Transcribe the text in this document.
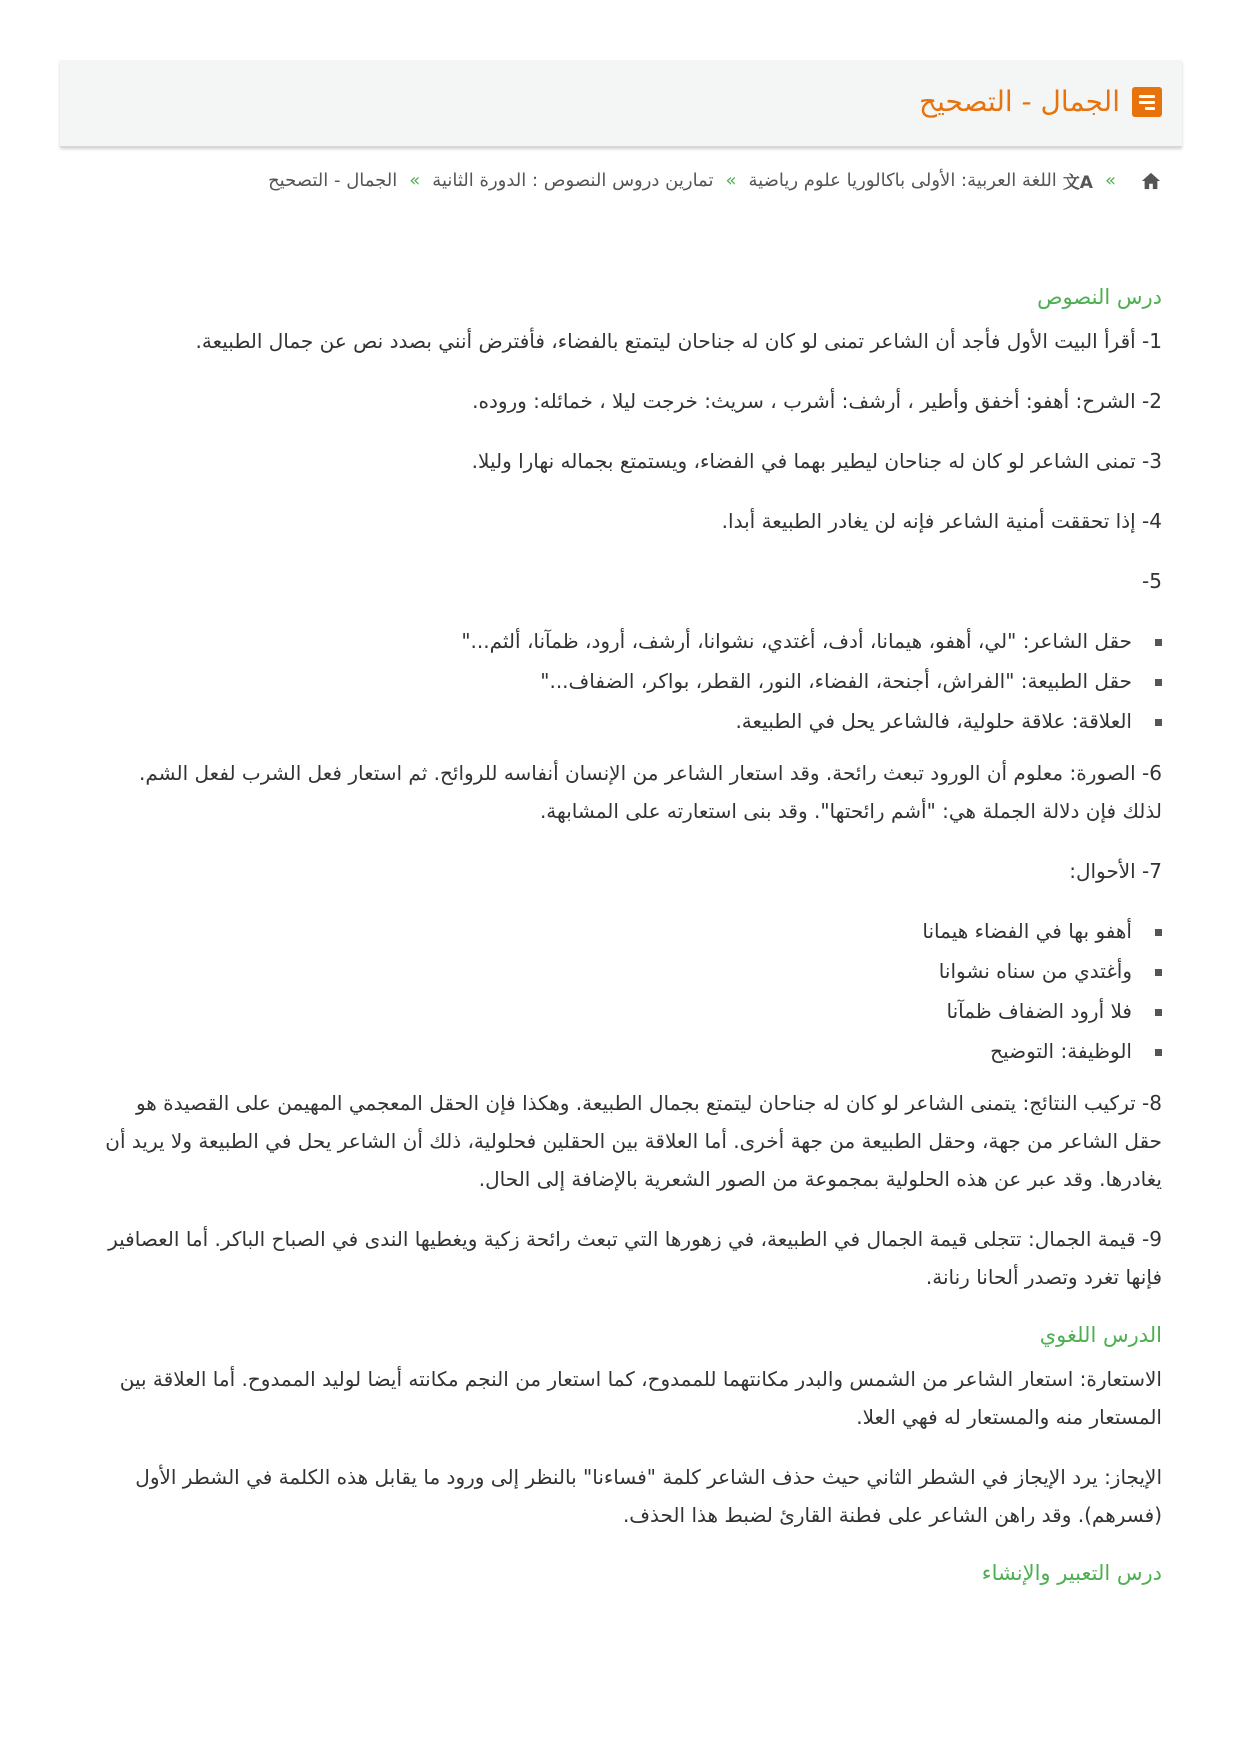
الجمال - التصحيح
»
文A
اللغة العربية: الأولى باكالوريا علوم رياضية
»
تمارين دروس النصوص : الدورة الثانية
»
الجمال - التصحيح
درس النصوص

1- أقرأ البيت الأول فأجد أن الشاعر تمنى لو كان له جناحان ليتمتع بالفضاء، فأفترض أنني بصدد نص عن جمال الطبيعة.

2- الشرح: أهفو: أخفق وأطير ، أرشف: أشرب ، سريث: خرجت ليلا ، خمائله: وروده.

3- تمنى الشاعر لو كان له جناحان ليطير بهما في الفضاء، ويستمتع بجماله نهارا وليلا.

4- إذا تحققت أمنية الشاعر فإنه لن يغادر الطبيعة أبدا.

5-

حقل الشاعر: "لي، أهفو، هيمانا، أدف، أغتدي، نشوانا، أرشف، أرود، ظمآنا، ألثم..."
حقل الطبيعة: "الفراش، أجنحة، الفضاء، النور، القطر، بواكر، الضفاف..."
العلاقة: علاقة حلولية، فالشاعر يحل في الطبيعة.

6- الصورة: معلوم أن الورود تبعث رائحة. وقد استعار الشاعر من الإنسان أنفاسه للروائح. ثم استعار فعل الشرب لفعل الشم. لذلك فإن دلالة الجملة هي: "أشم رائحتها". وقد بنى استعارته على المشابهة.

7- الأحوال:

أهفو بها في الفضاء هيمانا
وأغتدي من سناه نشوانا
فلا أرود الضفاف ظمآنا
الوظيفة: التوضيح

8- تركيب النتائج: يتمنى الشاعر لو كان له جناحان ليتمتع بجمال الطبيعة. وهكذا فإن الحقل المعجمي المهيمن على القصيدة هو حقل الشاعر من جهة، وحقل الطبيعة من جهة أخرى. أما العلاقة بين الحقلين فحلولية، ذلك أن الشاعر يحل في الطبيعة ولا يريد أن يغادرها. وقد عبر عن هذه الحلولية بمجموعة من الصور الشعرية بالإضافة إلى الحال.

9- قيمة الجمال: تتجلى قيمة الجمال في الطبيعة، في زهورها التي تبعث رائحة زكية ويغطيها الندى في الصباح الباكر. أما العصافير فإنها تغرد وتصدر ألحانا رنانة.

الدرس اللغوي

الاستعارة: استعار الشاعر من الشمس والبدر مكانتهما للممدوح، كما استعار من النجم مكانته أيضا لوليد الممدوح. أما العلاقة بين المستعار منه والمستعار له فهي العلا.

الإيجاز: يرد الإيجاز في الشطر الثاني حيث حذف الشاعر كلمة "فساءنا" بالنظر إلى ورود ما يقابل هذه الكلمة في الشطر الأول (فسرهم). وقد راهن الشاعر على فطنة القارئ لضبط هذا الحذف.

درس التعبير والإنشاء
